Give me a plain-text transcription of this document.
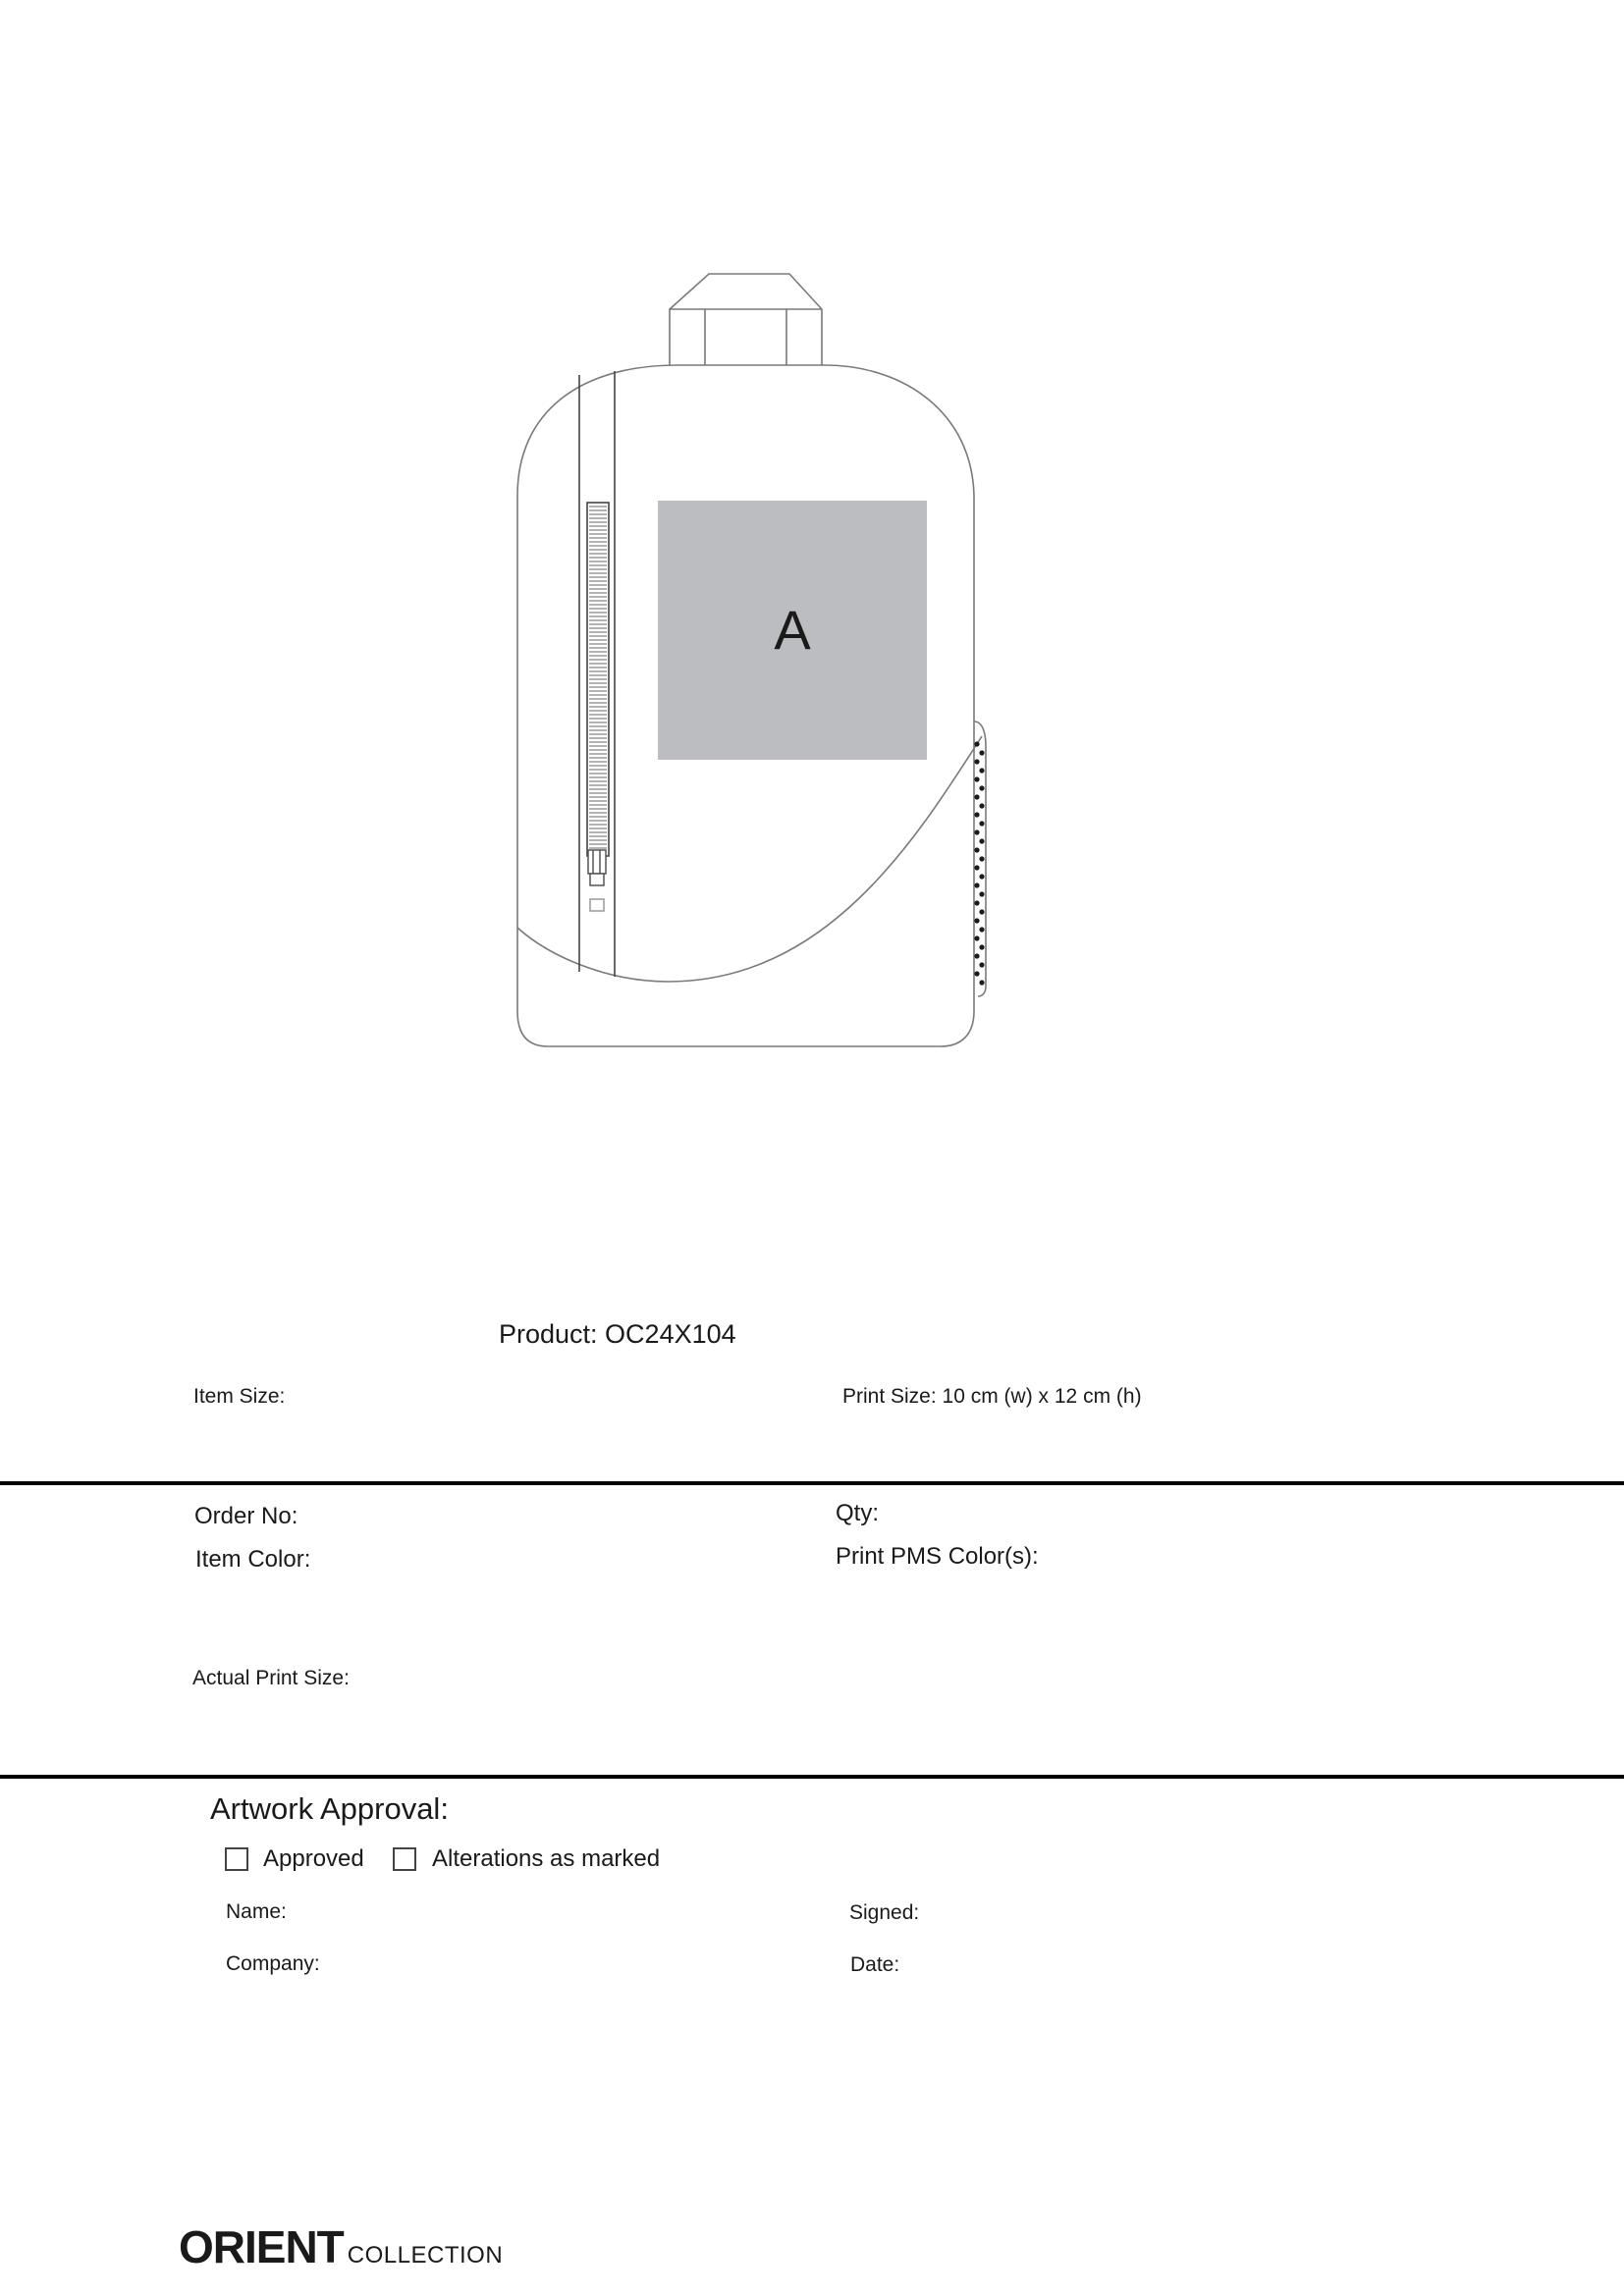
A
Product: OC24X104
Item Size:	Print Size: 10 cm (w) x 12 cm (h)
Order No:	Qty:
Item Color:	Print PMS Color(s):
Actual Print Size:
Artwork Approval:
Approved	Alterations as marked
Name:	Signed:
Company:	Date:
ORIENT COLLECTION
